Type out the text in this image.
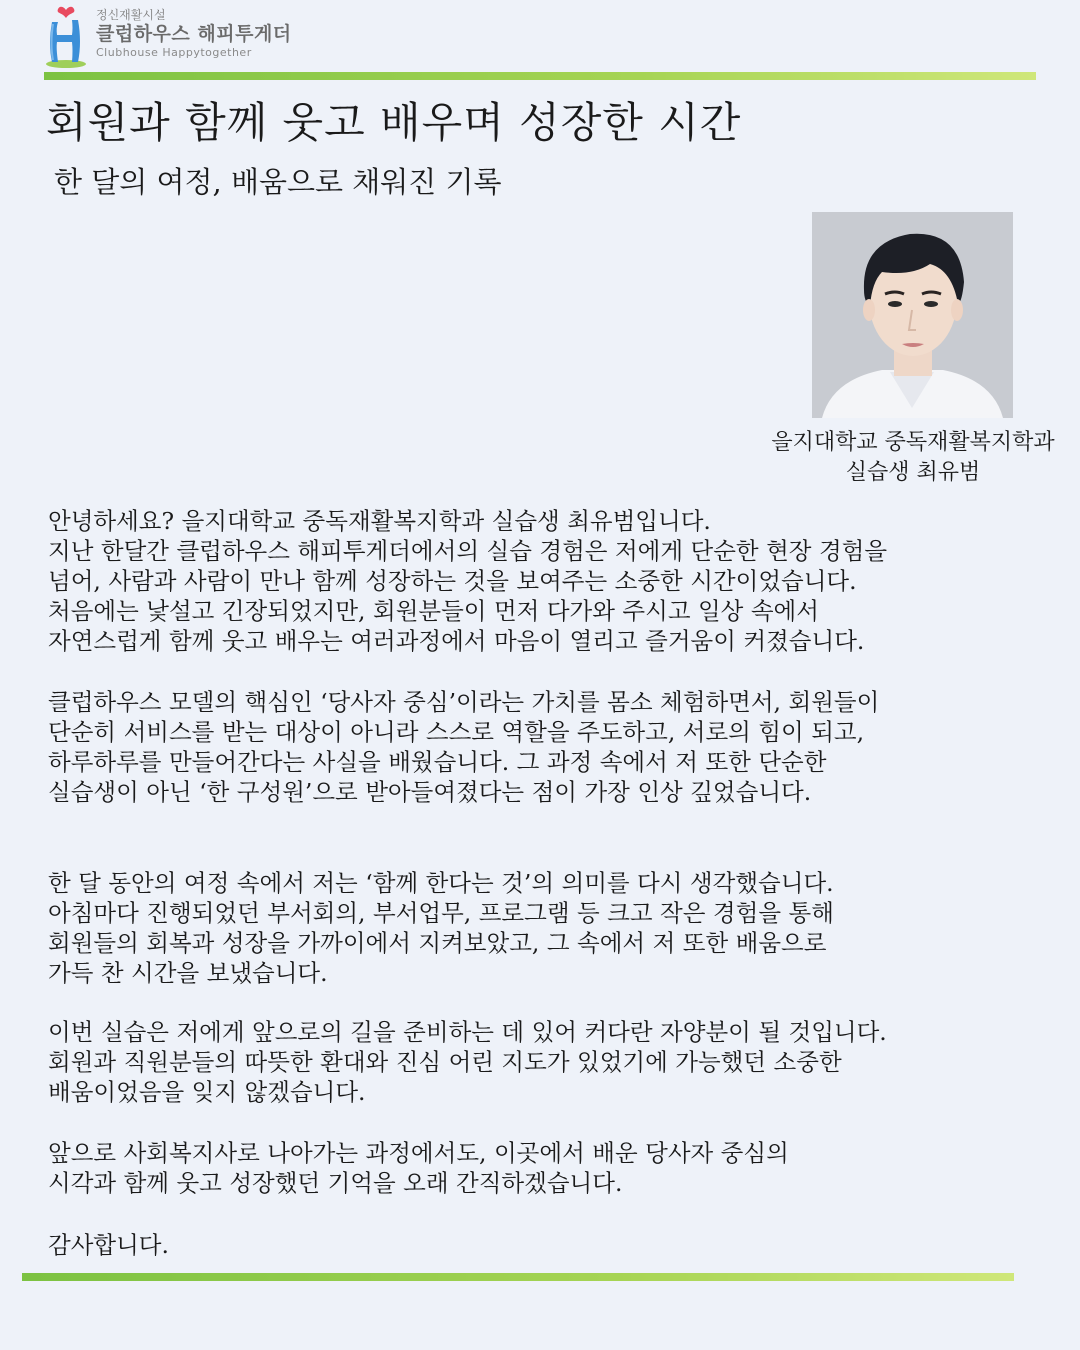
정신재활시설
클럽하우스 해피투게더
Clubhouse Happytogether
회원과 함께 웃고 배우며 성장한 시간
한 달의 여정, 배움으로 채워진 기록
을지대학교 중독재활복지학과
실습생 최유범
안녕하세요? 을지대학교 중독재활복지학과 실습생 최유범입니다.
지난 한달간 클럽하우스 해피투게더에서의 실습 경험은 저에게 단순한 현장 경험을
넘어, 사람과 사람이 만나 함께 성장하는 것을 보여주는 소중한 시간이었습니다.
처음에는 낯설고 긴장되었지만, 회원분들이 먼저 다가와 주시고 일상 속에서
자연스럽게 함께 웃고 배우는 여러과정에서 마음이 열리고 즐거움이 커졌습니다.
클럽하우스 모델의 핵심인 ‘당사자 중심’이라는 가치를 몸소 체험하면서, 회원들이
단순히 서비스를 받는 대상이 아니라 스스로 역할을 주도하고, 서로의 힘이 되고,
하루하루를 만들어간다는 사실을 배웠습니다. 그 과정 속에서 저 또한 단순한
실습생이 아닌 ‘한 구성원’으로 받아들여졌다는 점이 가장 인상 깊었습니다.
한 달 동안의 여정 속에서 저는 ‘함께 한다는 것’의 의미를 다시 생각했습니다.
아침마다 진행되었던 부서회의, 부서업무, 프로그램 등 크고 작은 경험을 통해
회원들의 회복과 성장을 가까이에서 지켜보았고, 그 속에서 저 또한 배움으로
가득 찬 시간을 보냈습니다.
이번 실습은 저에게 앞으로의 길을 준비하는 데 있어 커다란 자양분이 될 것입니다.
회원과 직원분들의 따뜻한 환대와 진심 어린 지도가 있었기에 가능했던 소중한
배움이었음을 잊지 않겠습니다.
앞으로 사회복지사로 나아가는 과정에서도, 이곳에서 배운 당사자 중심의
시각과 함께 웃고 성장했던 기억을 오래 간직하겠습니다.
감사합니다.
